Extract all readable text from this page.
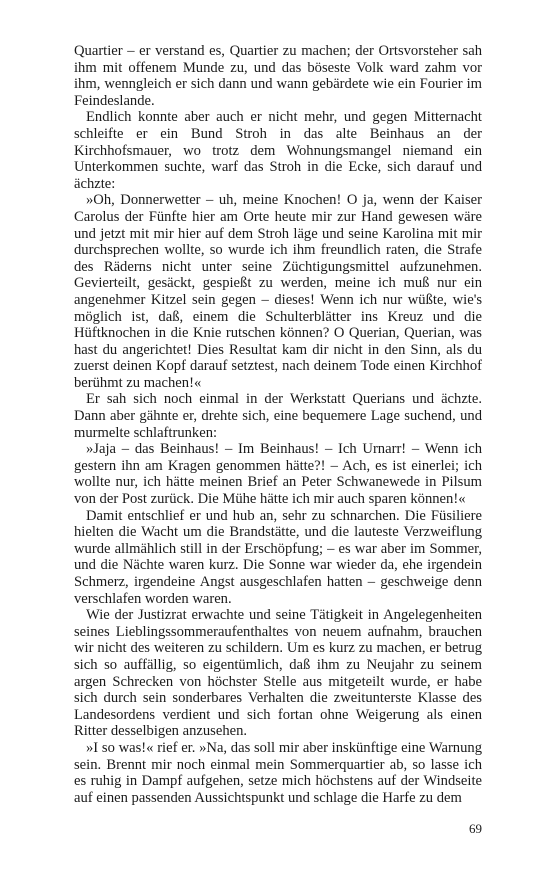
Quartier – er verstand es, Quartier zu machen; der Ortsvorsteher sah ihm mit offenem Munde zu, und das böseste Volk ward zahm vor ihm, wenngleich er sich dann und wann gebärdete wie ein Fourier im Feindeslande.

Endlich konnte aber auch er nicht mehr, und gegen Mitternacht schleifte er ein Bund Stroh in das alte Beinhaus an der Kirchhofsmauer, wo trotz dem Wohnungsmangel niemand ein Unterkommen suchte, warf das Stroh in die Ecke, sich darauf und ächzte:

»Oh, Donnerwetter – uh, meine Knochen! O ja, wenn der Kaiser Carolus der Fünfte hier am Orte heute mir zur Hand gewesen wäre und jetzt mit mir hier auf dem Stroh läge und seine Karolina mit mir durchsprechen wollte, so wurde ich ihm freundlich raten, die Strafe des Räderns nicht unter seine Züchtigungsmittel aufzunehmen. Gevierteilt, gesäckt, gespießt zu werden, meine ich muß nur ein angenehmer Kitzel sein gegen – dieses! Wenn ich nur wüßte, wie's möglich ist, daß, einem die Schulterblätter ins Kreuz und die Hüftknochen in die Knie rutschen können? O Querian, Querian, was hast du angerichtet! Dies Resultat kam dir nicht in den Sinn, als du zuerst deinen Kopf darauf setztest, nach deinem Tode einen Kirchhof berühmt zu machen!«

Er sah sich noch einmal in der Werkstatt Querians und ächzte. Dann aber gähnte er, drehte sich, eine bequemere Lage suchend, und murmelte schlaftrunken:

»Jaja – das Beinhaus! – Im Beinhaus! – Ich Urnarr! – Wenn ich gestern ihn am Kragen genommen hätte?! – Ach, es ist einerlei; ich wollte nur, ich hätte meinen Brief an Peter Schwanewede in Pilsum von der Post zurück. Die Mühe hätte ich mir auch sparen können!«

Damit entschlief er und hub an, sehr zu schnarchen. Die Füsiliere hielten die Wacht um die Brandstätte, und die lauteste Verzweiflung wurde allmählich still in der Erschöpfung; – es war aber im Sommer, und die Nächte waren kurz. Die Sonne war wieder da, ehe irgendein Schmerz, irgendeine Angst ausgeschlafen hatten – geschweige denn verschlafen worden waren.

Wie der Justizrat erwachte und seine Tätigkeit in Angelegenheiten seines Lieblingssommeraufenthaltes von neuem aufnahm, brauchen wir nicht des weiteren zu schildern. Um es kurz zu machen, er betrug sich so auffällig, so eigentümlich, daß ihm zu Neujahr zu seinem argen Schrecken von höchster Stelle aus mitgeteilt wurde, er habe sich durch sein sonderbares Verhalten die zweitunterste Klasse des Landesordens verdient und sich fortan ohne Weigerung als einen Ritter desselbigen anzusehen.

»I so was!« rief er. »Na, das soll mir aber inskünftige eine Warnung sein. Brennt mir noch einmal mein Sommerquartier ab, so lasse ich es ruhig in Dampf aufgehen, setze mich höchstens auf der Windseite auf einen passenden Aussichtspunkt und schlage die Harfe zu dem

69
